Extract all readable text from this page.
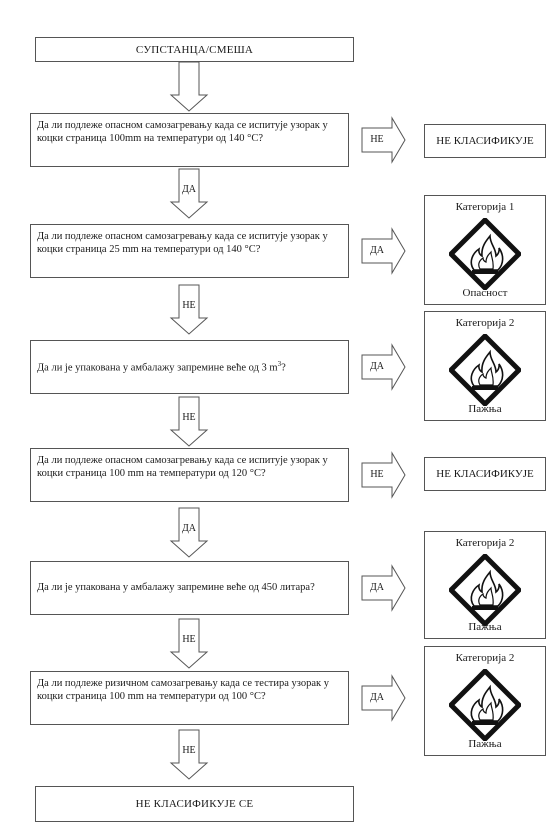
СУПСТАНЦА/СМЕША
Да ли подлеже опасном самозагревању када се испитује узорак у коцки страница 100mm на температури од 140 °C?	НЕ	НЕ КЛАСИФИКУЈЕ
ДА
Да ли подлеже опасном самозагревању када се испитује узорак у коцки страница 25 mm на температури од 140 °C?	ДА
Категорија 1
Опасност
НЕ
Да ли је упакована у амбалажу запремине веће од 3 $m^3$?	ДА
Категорија 2
Пажња
НЕ
Да ли подлеже опасном самозагревању када се испитује узорак у коцки страница 100 mm на температури од 120 °C?	НЕ	НЕ КЛАСИФИКУЈЕ
ДА
Да ли је упакована у амбалажу запремине веће од 450 литара?	ДА
Категорија 2
Пажња
НЕ
Да ли подлеже ризичном самозагревању када се тестира узорак у коцки страница 100 mm на температури од 100 °C?	ДА
Категорија 2
Пажња
НЕ
НЕ КЛАСИФИКУЈЕ СЕ
